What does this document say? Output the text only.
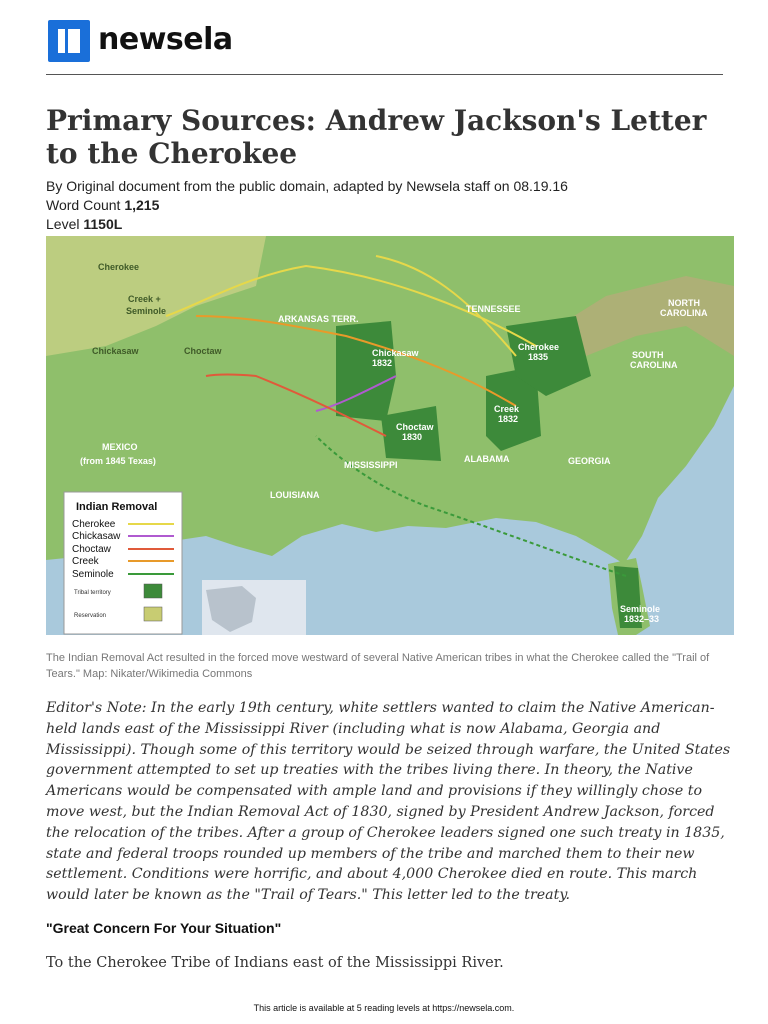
newsela
Primary Sources: Andrew Jackson's Letter to the Cherokee
By Original document from the public domain, adapted by Newsela staff on 08.19.16
Word Count 1,215
Level 1150L
Cherokee
Creek +
Seminole
Chickasaw	Choctaw
ARKANSAS TERR.
TENNESSEE
NORTH
CAROLINA
SOUTH
CAROLINA
MEXICO
(from 1845 Texas)	MISSISSIPPI
ALABAMA	GEORGIA
LOUISIANA
Chickasaw
1832
Choctaw
1830
Creek
1832
Cherokee
1835
Seminole
1832–33
Indian Removal
Cherokee
Chickasaw
Choctaw
Creek
Seminole
Tribal territory
Reservation
The Indian Removal Act resulted in the forced move westward of several Native American tribes in what the Cherokee called the "Trail of Tears." Map: Nikater/Wikimedia Commons

Editor's Note: In the early 19th century, white settlers wanted to claim the Native American-held lands east of the Mississippi River (including what is now Alabama, Georgia and Mississippi). Though some of this territory would be seized through warfare, the United States government attempted to set up treaties with the tribes living there. In theory, the Native Americans would be compensated with ample land and provisions if they willingly chose to move west, but the Indian Removal Act of 1830, signed by President Andrew Jackson, forced the relocation of the tribes. After a group of Cherokee leaders signed one such treaty in 1835, state and federal troops rounded up members of the tribe and marched them to their new settlement. Conditions were horrific, and about 4,000 Cherokee died en route. This march would later be known as the "Trail of Tears." This letter led to the treaty.

"Great Concern For Your Situation"
To the Cherokee Tribe of Indians east of the Mississippi River.
This article is available at 5 reading levels at https://newsela.com.
